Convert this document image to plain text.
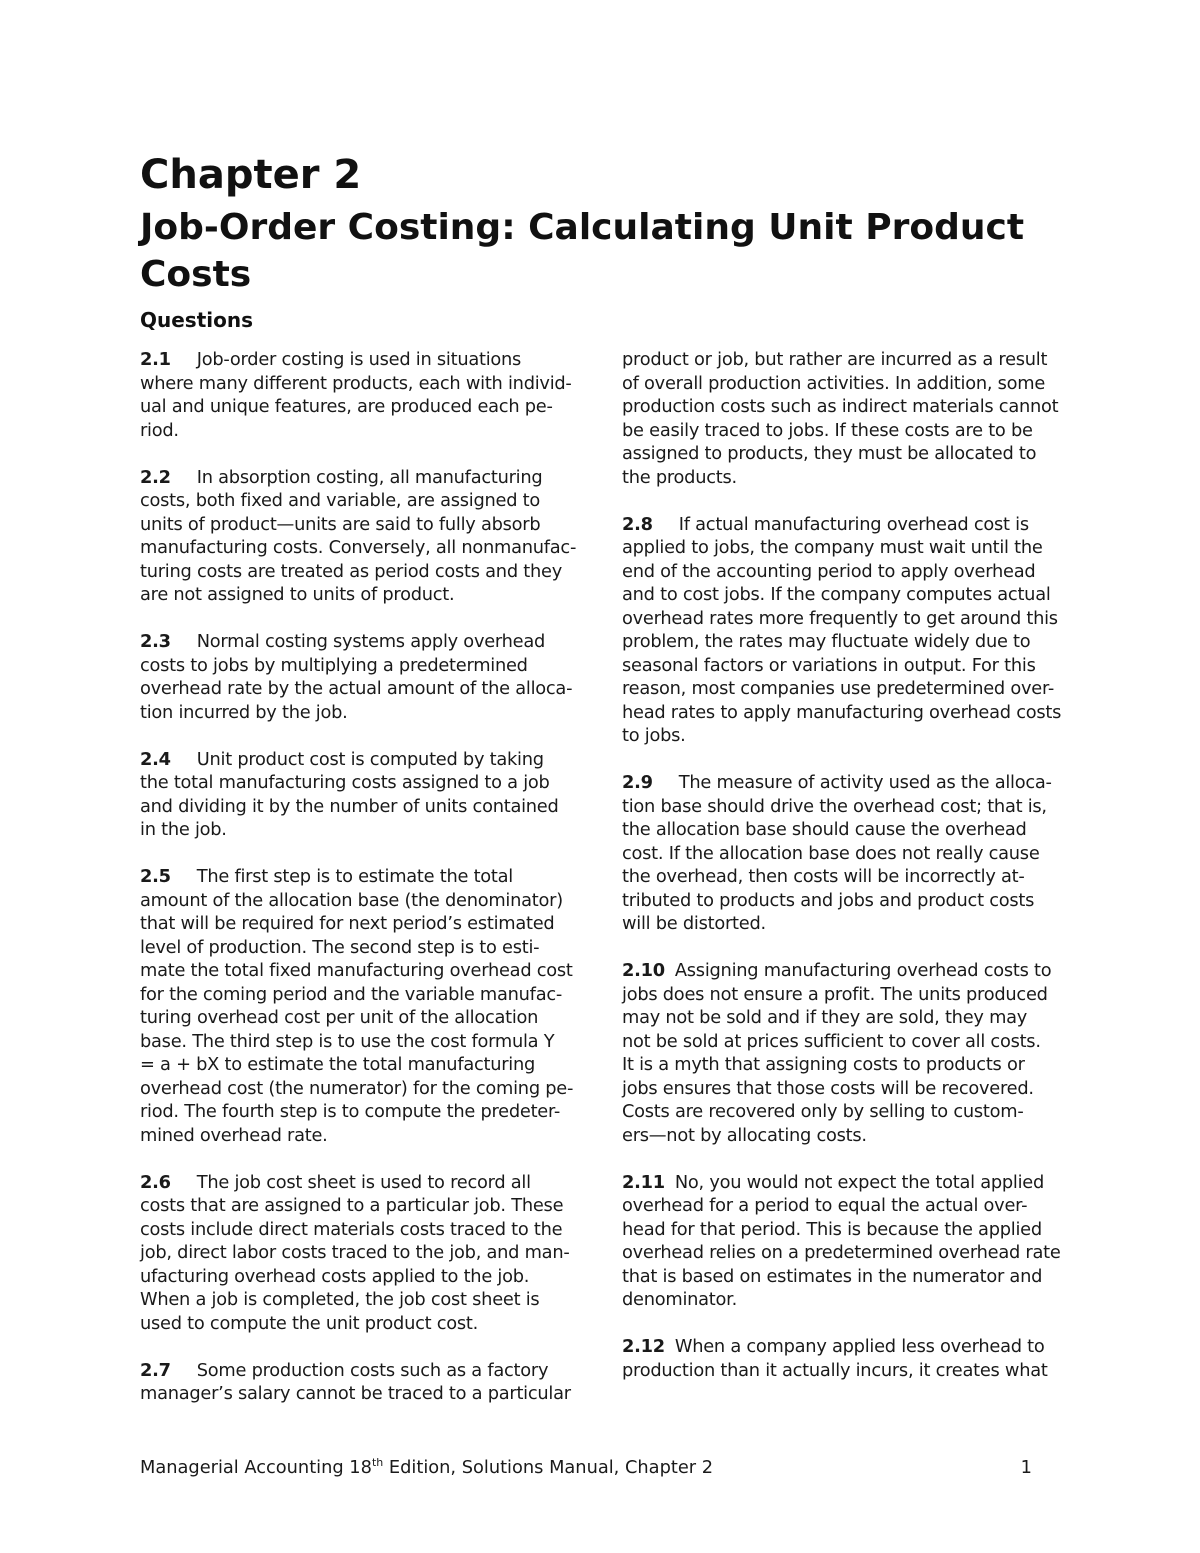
Chapter 2
Job-Order Costing: Calculating Unit Product
Costs
Questions
2.1 Job-order costing is used in situations
where many different products, each with individ-
ual and unique features, are produced each pe-
riod.
2.2 In absorption costing, all manufacturing
costs, both fixed and variable, are assigned to
units of product—units are said to fully absorb
manufacturing costs. Conversely, all nonmanufac-
turing costs are treated as period costs and they
are not assigned to units of product.
2.3 Normal costing systems apply overhead
costs to jobs by multiplying a predetermined
overhead rate by the actual amount of the alloca-
tion incurred by the job.
2.4 Unit product cost is computed by taking
the total manufacturing costs assigned to a job
and dividing it by the number of units contained
in the job.
2.5 The first step is to estimate the total
amount of the allocation base (the denominator)
that will be required for next period’s estimated
level of production. The second step is to esti-
mate the total fixed manufacturing overhead cost
for the coming period and the variable manufac-
turing overhead cost per unit of the allocation
base. The third step is to use the cost formula Y
= a + bX to estimate the total manufacturing
overhead cost (the numerator) for the coming pe-
riod. The fourth step is to compute the predeter-
mined overhead rate.
2.6 The job cost sheet is used to record all
costs that are assigned to a particular job. These
costs include direct materials costs traced to the
job, direct labor costs traced to the job, and man-
ufacturing overhead costs applied to the job.
When a job is completed, the job cost sheet is
used to compute the unit product cost.
2.7 Some production costs such as a factory
manager’s salary cannot be traced to a particular
product or job, but rather are incurred as a result
of overall production activities. In addition, some
production costs such as indirect materials cannot
be easily traced to jobs. If these costs are to be
assigned to products, they must be allocated to
the products.
2.8 If actual manufacturing overhead cost is
applied to jobs, the company must wait until the
end of the accounting period to apply overhead
and to cost jobs. If the company computes actual
overhead rates more frequently to get around this
problem, the rates may fluctuate widely due to
seasonal factors or variations in output. For this
reason, most companies use predetermined over-
head rates to apply manufacturing overhead costs
to jobs.
2.9 The measure of activity used as the alloca-
tion base should drive the overhead cost; that is,
the allocation base should cause the overhead
cost. If the allocation base does not really cause
the overhead, then costs will be incorrectly at-
tributed to products and jobs and product costs
will be distorted.
2.10 Assigning manufacturing overhead costs to
jobs does not ensure a profit. The units produced
may not be sold and if they are sold, they may
not be sold at prices sufficient to cover all costs.
It is a myth that assigning costs to products or
jobs ensures that those costs will be recovered.
Costs are recovered only by selling to custom-
ers—not by allocating costs.
2.11 No, you would not expect the total applied
overhead for a period to equal the actual over-
head for that period. This is because the applied
overhead relies on a predetermined overhead rate
that is based on estimates in the numerator and
denominator.
2.12 When a company applied less overhead to
production than it actually incurs, it creates what
Managerial Accounting 18th Edition, Solutions Manual, Chapter 2	1
